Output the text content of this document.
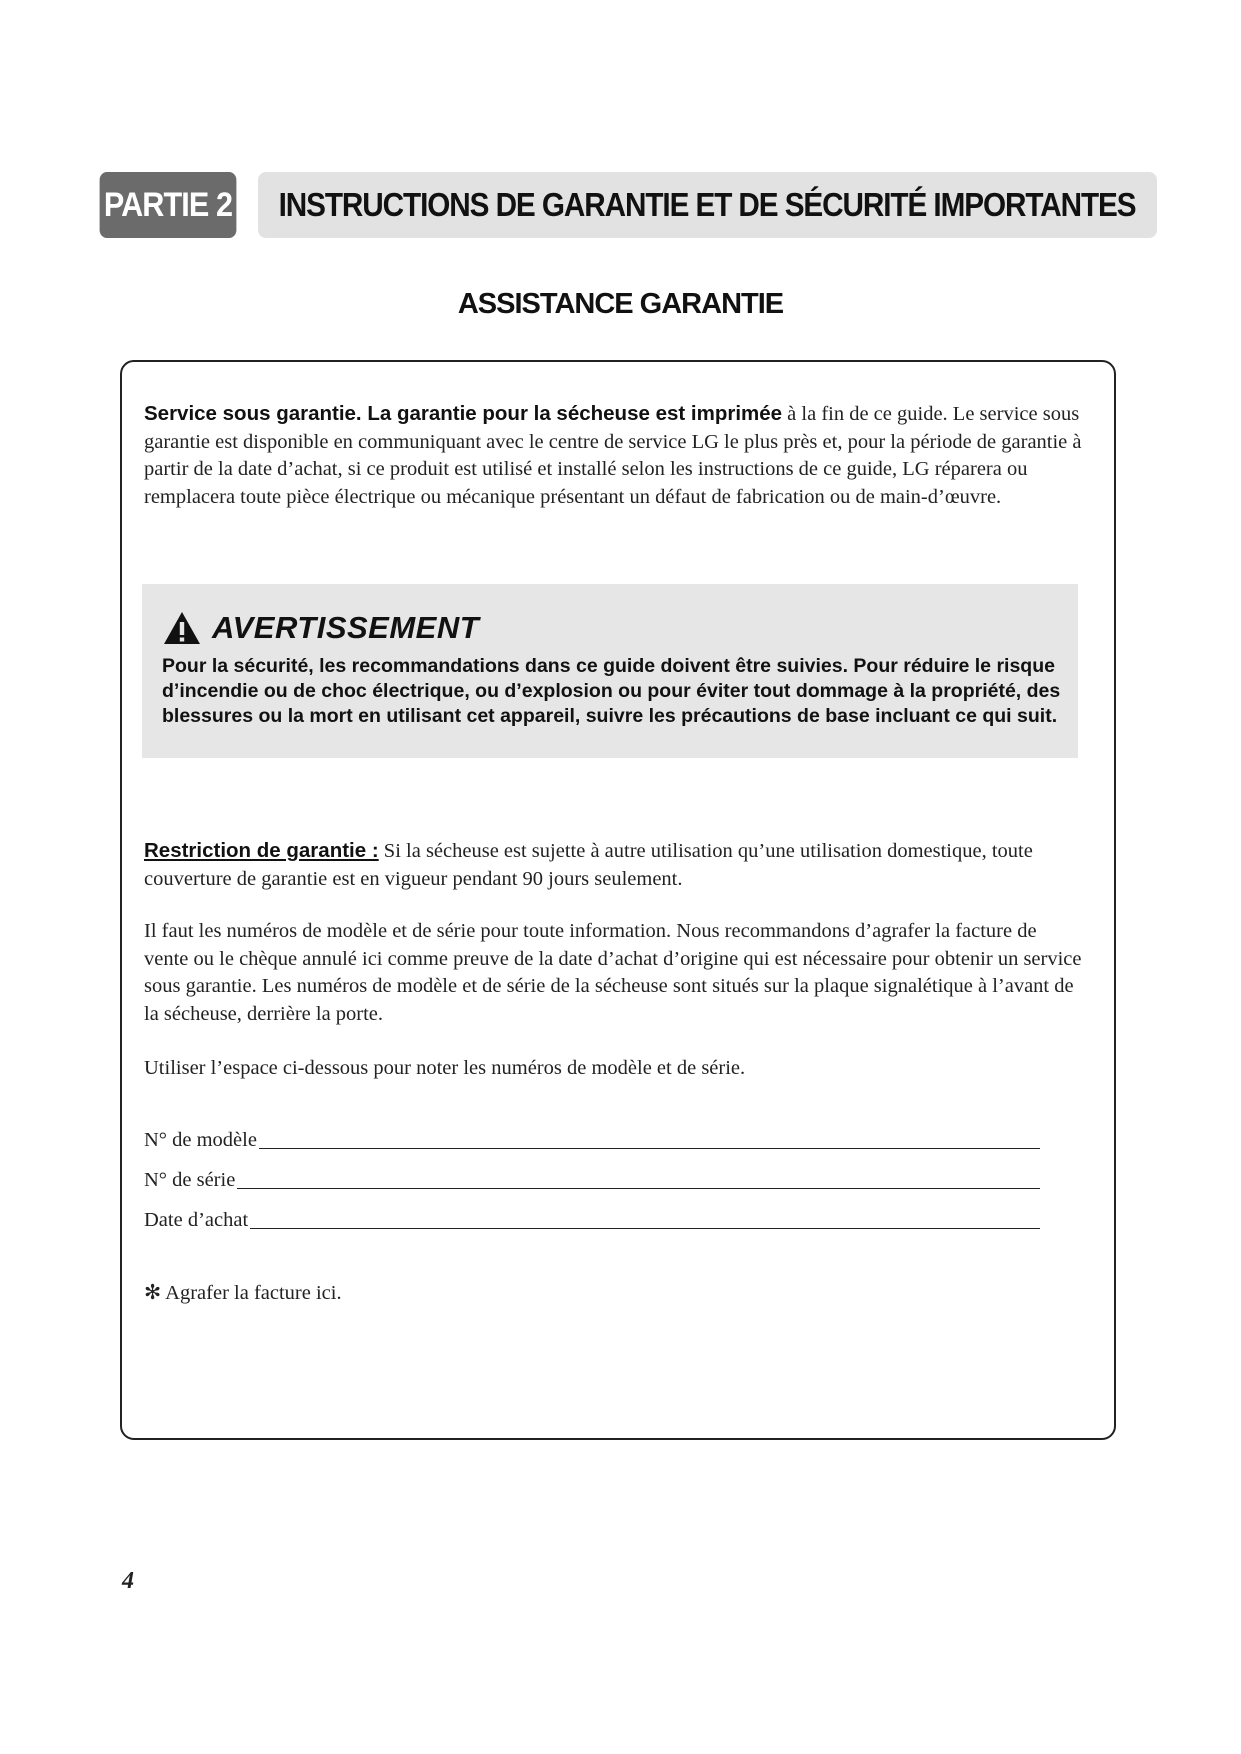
PARTIE 2 INSTRUCTIONS DE GARANTIE ET DE SÉCURITÉ IMPORTANTES
ASSISTANCE GARANTIE
Service sous garantie. La garantie pour la sécheuse est imprimée à la fin de ce guide. Le service sous garantie est disponible en communiquant avec le centre de service LG le plus près et, pour la période de garantie à partir de la date d’achat, si ce produit est utilisé et installé selon les instructions de ce guide, LG réparera ou remplacera toute pièce électrique ou mécanique présentant un défaut de fabrication ou de main-d’œuvre.
AVERTISSEMENT
Pour la sécurité, les recommandations dans ce guide doivent être suivies. Pour réduire le risque d’incendie ou de choc électrique, ou d’explosion ou pour éviter tout dommage à la propriété, des blessures ou la mort en utilisant cet appareil, suivre les précautions de base incluant ce qui suit.
Restriction de garantie : Si la sécheuse est sujette à autre utilisation qu’une utilisation domestique, toute couverture de garantie est en vigueur pendant 90 jours seulement.
Il faut les numéros de modèle et de série pour toute information. Nous recommandons d’agrafer la facture de vente ou le chèque annulé ici comme preuve de la date d’achat d’origine qui est nécessaire pour obtenir un service sous garantie. Les numéros de modèle et de série de la sécheuse sont situés sur la plaque signalétique à l’avant de la sécheuse, derrière la porte.
Utiliser l’espace ci-dessous pour noter les numéros de modèle et de série.
N° de modèle
N° de série
Date d’achat
✻ Agrafer la facture ici.
4
